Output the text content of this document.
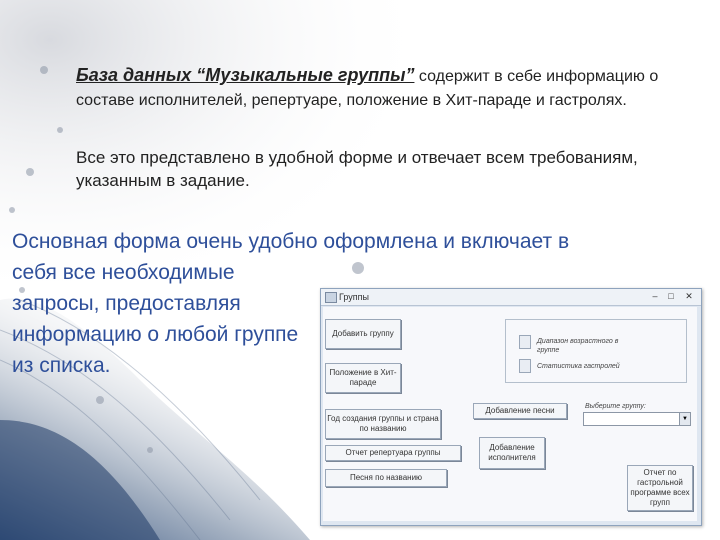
База данных “Музыкальные группы” содержит в себе информацию о составе исполнителей, репертуаре, положение в Хит-параде и гастролях.
Все это представлено в удобной форме и отвечает всем требованиям, указанным в задание.
Основная форма очень удобно оформлена и включает в
себя все необходимые запросы, предоставляя информацию о любой группе из списка.
Группы	–	□	✕
Добавить группу
Положение в Хит-параде
Год создания группы и страна по названию
Отчет репертуара группы
Песня по названию
Диапазон возрастного в группе
Статистика гастролей
Добавление песни	Выберите группу:
▼
Добавление исполнителя
Отчет по гастрольной программе всех групп
